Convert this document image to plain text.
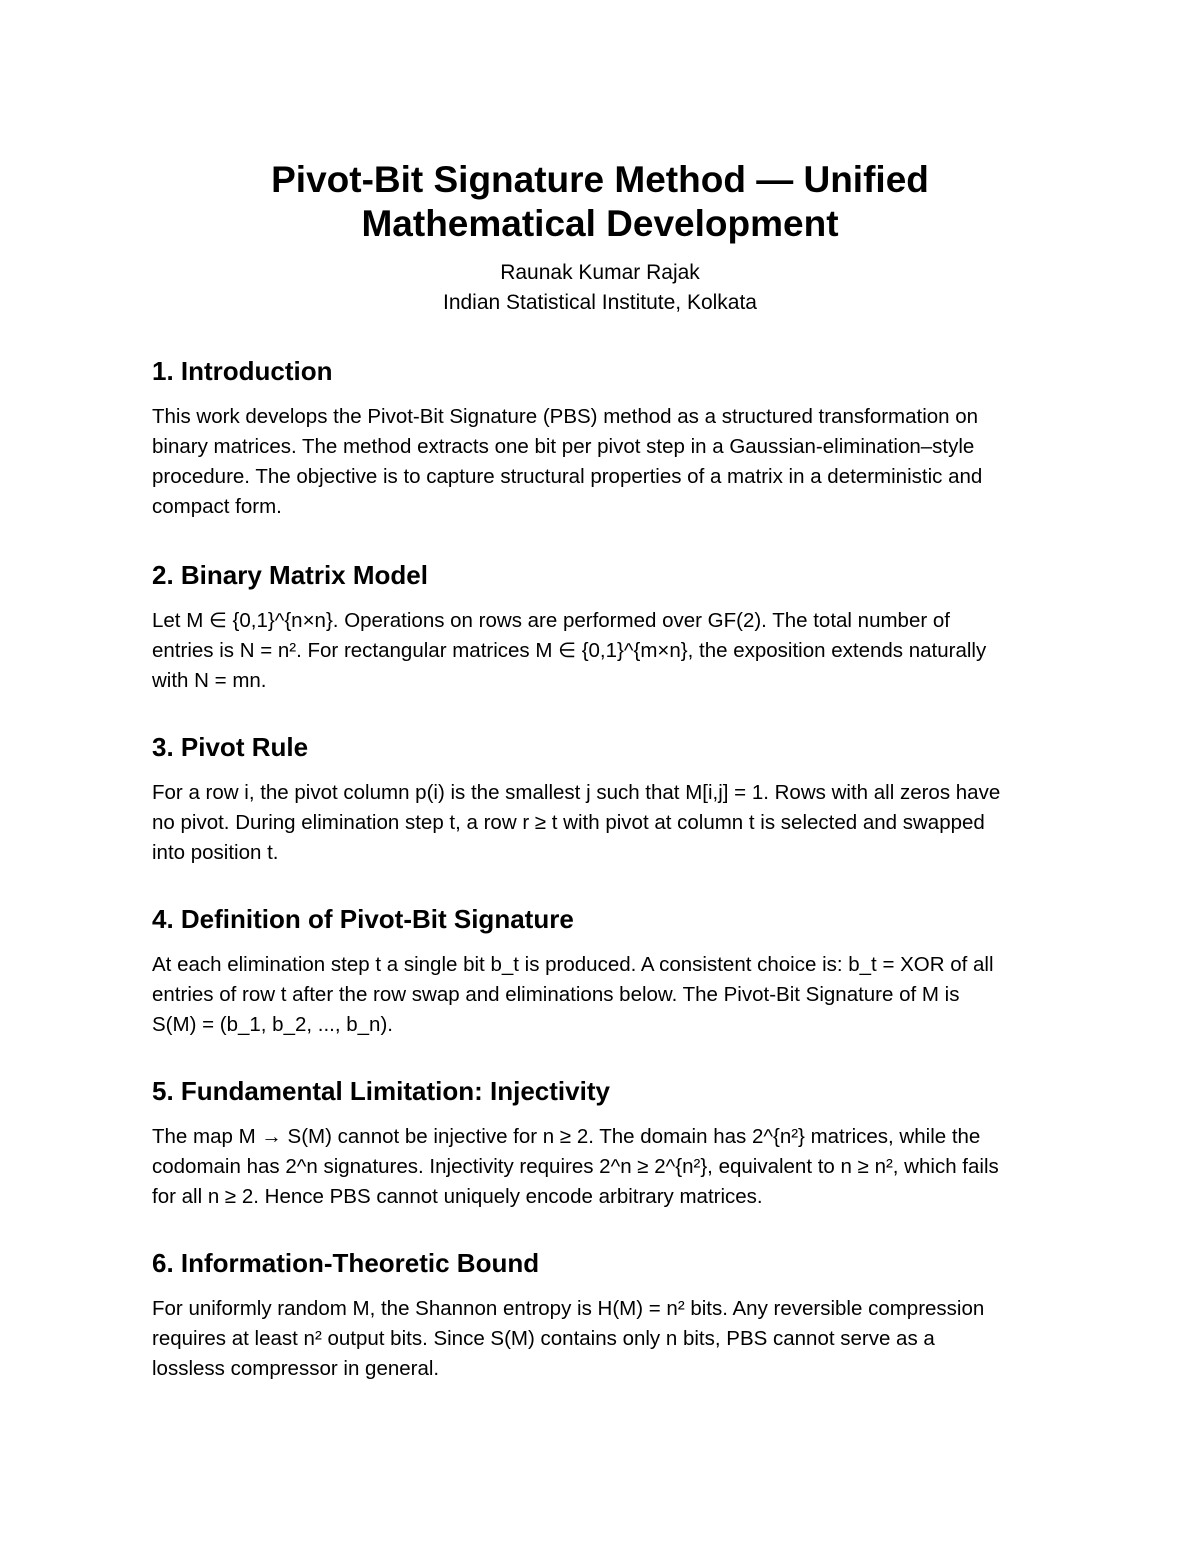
Pivot-Bit Signature Method — Unified
Mathematical Development
Raunak Kumar Rajak
Indian Statistical Institute, Kolkata
1. Introduction

This work develops the Pivot-Bit Signature (PBS) method as a structured transformation on
binary matrices. The method extracts one bit per pivot step in a Gaussian-elimination–style
procedure. The objective is to capture structural properties of a matrix in a deterministic and
compact form.

2. Binary Matrix Model

Let M ∈ {0,1}^{n×n}. Operations on rows are performed over GF(2). The total number of
entries is N = n². For rectangular matrices M ∈ {0,1}^{m×n}, the exposition extends naturally
with N = mn.

3. Pivot Rule

For a row i, the pivot column p(i) is the smallest j such that M[i,j] = 1. Rows with all zeros have
no pivot. During elimination step t, a row r ≥ t with pivot at column t is selected and swapped
into position t.

4. Definition of Pivot-Bit Signature

At each elimination step t a single bit b_t is produced. A consistent choice is: b_t = XOR of all
entries of row t after the row swap and eliminations below. The Pivot-Bit Signature of M is
S(M) = (b_1, b_2, ..., b_n).

5. Fundamental Limitation: Injectivity

The map M → S(M) cannot be injective for n ≥ 2. The domain has 2^{n²} matrices, while the
codomain has 2^n signatures. Injectivity requires 2^n ≥ 2^{n²}, equivalent to n ≥ n², which fails
for all n ≥ 2. Hence PBS cannot uniquely encode arbitrary matrices.

6. Information-Theoretic Bound

For uniformly random M, the Shannon entropy is H(M) = n² bits. Any reversible compression
requires at least n² output bits. Since S(M) contains only n bits, PBS cannot serve as a
lossless compressor in general.
